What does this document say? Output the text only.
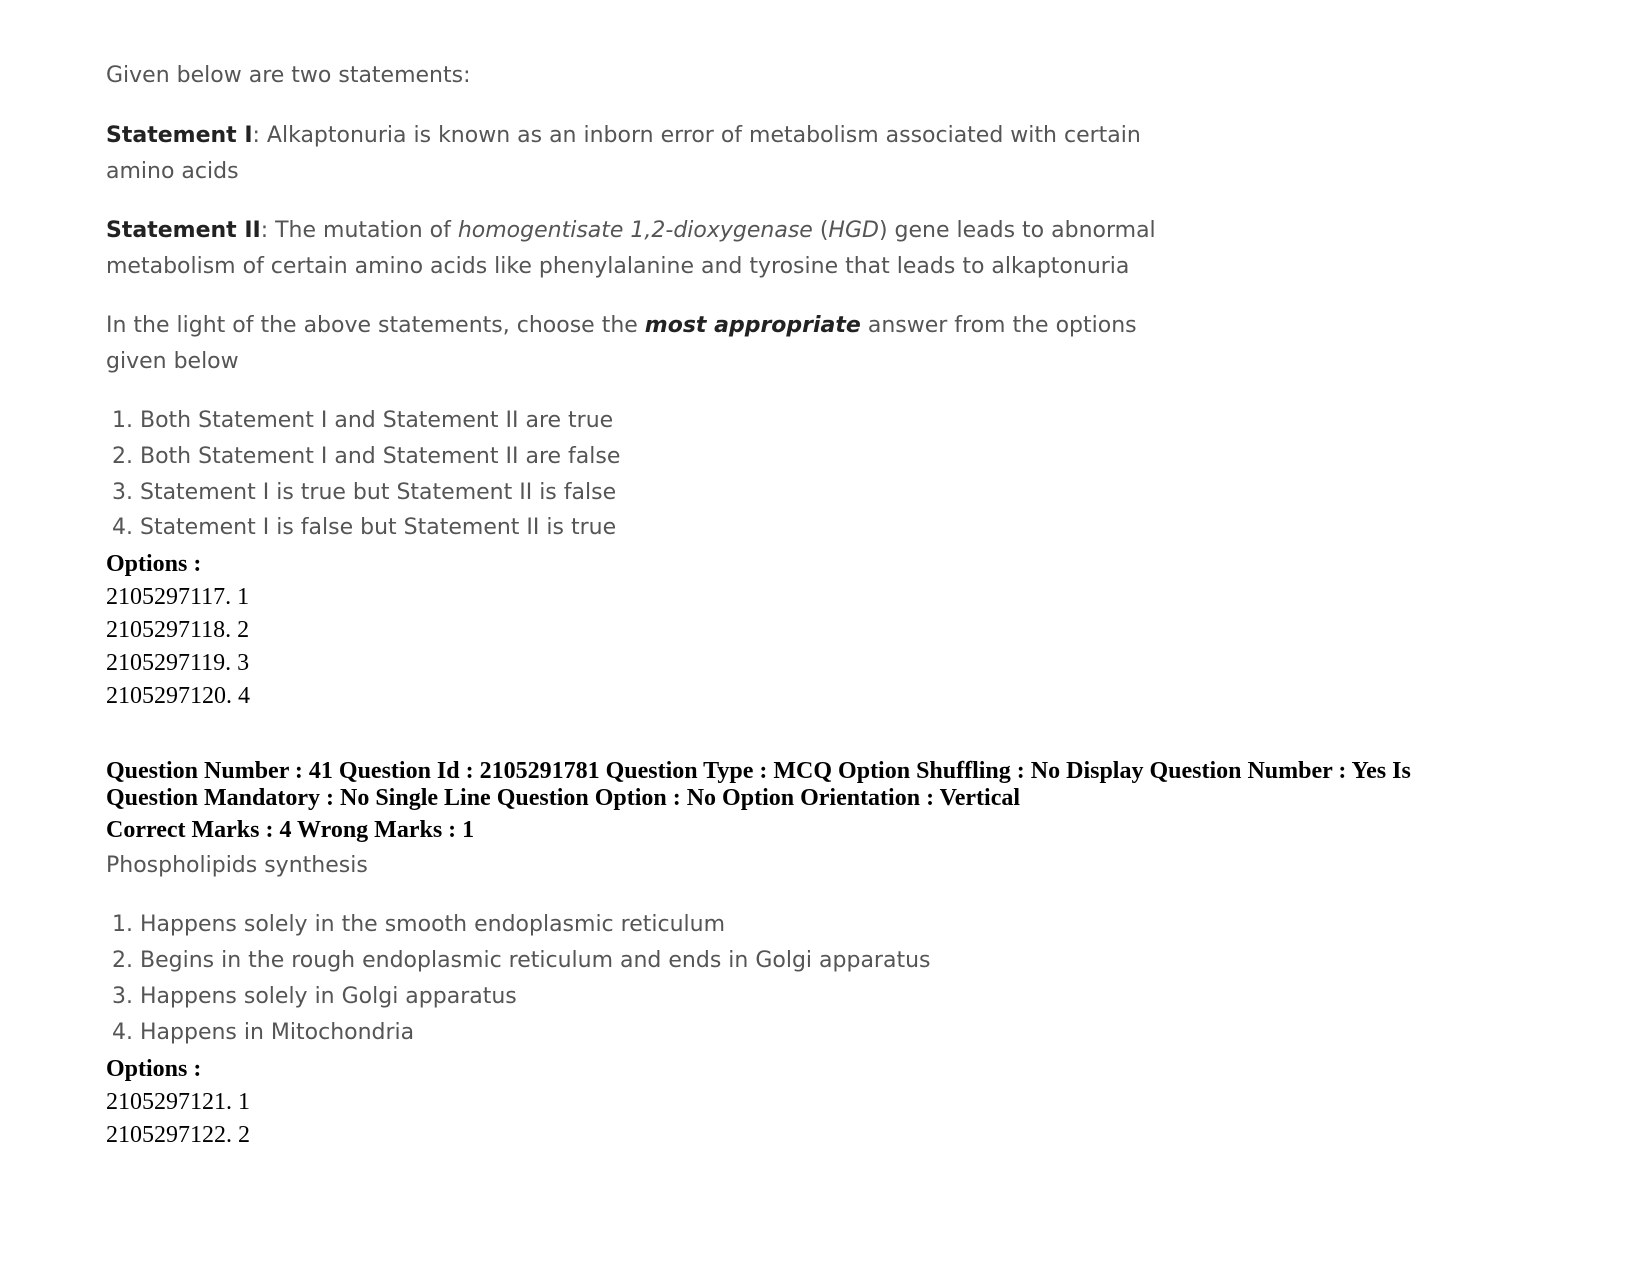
Given below are two statements:
Statement I: Alkaptonuria is known as an inborn error of metabolism associated with certain
amino acids
Statement II: The mutation of homogentisate 1,2-dioxygenase (HGD) gene leads to abnormal
metabolism of certain amino acids like phenylalanine and tyrosine that leads to alkaptonuria
In the light of the above statements, choose the most appropriate answer from the options
given below
1. Both Statement I and Statement II are true
2. Both Statement I and Statement II are false
3. Statement I is true but Statement II is false
4. Statement I is false but Statement II is true
Options :
2105297117. 1
2105297118. 2
2105297119. 3
2105297120. 4
Question Number : 41 Question Id : 2105291781 Question Type : MCQ Option Shuffling : No Display Question Number : Yes Is
Question Mandatory : No Single Line Question Option : No Option Orientation : Vertical
Correct Marks : 4 Wrong Marks : 1
Phospholipids synthesis
1. Happens solely in the smooth endoplasmic reticulum
2. Begins in the rough endoplasmic reticulum and ends in Golgi apparatus
3. Happens solely in Golgi apparatus
4. Happens in Mitochondria
Options :
2105297121. 1
2105297122. 2
